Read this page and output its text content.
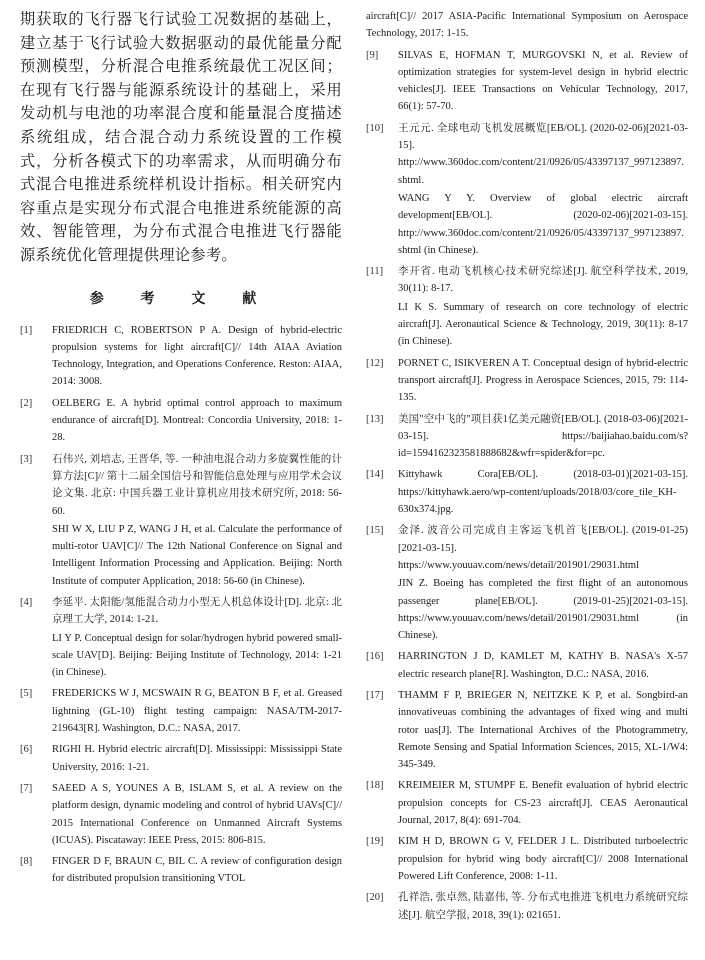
期获取的飞行器飞行试验工况数据的基础上，建立基于飞行试验大数据驱动的最优能量分配预测模型，分析混合电推系统最优工况区间；在现有飞行器与能源系统设计的基础上，采用发动机与电池的功率混合度和能量混合度描述系统组成，结合混合动力系统设置的工作模式，分析各模式下的功率需求，从而明确分布式混合电推进系统样机设计指标。相关研究内容重点是实现分布式混合电推进系统能源的高效、智能管理，为分布式混合电推进飞行器能源系统优化管理提供理论参考。

参 考 文 献
[1]	FRIEDRICH C, ROBERTSON P A. Design of hybrid-electric propulsion systems for light aircraft[C]// 14th AIAA Aviation Technology, Integration, and Operations Conference. Reston: AIAA, 2014: 3008.
[2]	OELBERG E. A hybrid optimal control approach to maximum endurance of aircraft[D]. Montreal: Concordia University, 2018: 1-28.
[3]	石伟兴, 刘培志, 王晋华, 等. 一种油电混合动力多旋翼性能的计算方法[C]// 第十二届全国信号和智能信息处理与应用学术会议论文集. 北京: 中国兵器工业计算机应用技术研究所, 2018: 56-60.
SHI W X, LIU P Z, WANG J H, et al. Calculate the performance of multi-rotor UAV[C]// The 12th National Conference on Signal and Intelligent Information Processing and Application. Beijing: North Institute of computer Application, 2018: 56-60 (in Chinese).
[4]	李延平. 太阳能/氢能混合动力小型无人机总体设计[D]. 北京: 北京理工大学, 2014: 1-21.
LI Y P. Conceptual design for solar/hydrogen hybrid powered small-scale UAV[D]. Beijing: Beijing Institute of Technology, 2014: 1-21 (in Chinese).
[5]	FREDERICKS W J, MCSWAIN R G, BEATON B F, et al. Greased lightning (GL-10) flight testing campaign: NASA/TM-2017-219643[R]. Washington, D.C.: NASA, 2017.
[6]	RIGHI H. Hybrid electric aircraft[D]. Mississippi: Mississippi State University, 2016: 1-21.
[7]	SAEED A S, YOUNES A B, ISLAM S, et al. A review on the platform design, dynamic modeling and control of hybrid UAVs[C]// 2015 International Conference on Unmanned Aircraft Systems (ICUAS). Piscataway: IEEE Press, 2015: 806-815.
[8]	FINGER D F, BRAUN C, BIL C. A review of configuration design for distributed propulsion transitioning VTOL
aircraft[C]// 2017 ASIA-Pacific International Symposium on Aerospace Technology, 2017: 1-15.
[9]	SILVAS E, HOFMAN T, MURGOVSKI N, et al. Review of optimization strategies for system-level design in hybrid electric vehicles[J]. IEEE Transactions on Vehicular Technology, 2017, 66(1): 57-70.
[10]	王元元. 全球电动飞机发展概览[EB/OL]. (2020-02-06)[2021-03-15]. http://www.360doc.com/content/21/0926/05/43397137_997123897.shtml.
WANG Y Y. Overview of global electric aircraft development[EB/OL]. (2020-02-06)[2021-03-15]. http://www.360doc.com/content/21/0926/05/43397137_997123897.shtml (in Chinese).
[11]	李开省. 电动飞机核心技术研究综述[J]. 航空科学技术, 2019, 30(11): 8-17.
LI K S. Summary of research on core technology of electric aircraft[J]. Aeronautical Science & Technology, 2019, 30(11): 8-17 (in Chinese).
[12]	PORNET C, ISIKVEREN A T. Conceptual design of hybrid-electric transport aircraft[J]. Progress in Aerospace Sciences, 2015, 79: 114-135.
[13]	美国"空中飞的"项目获1亿美元融资[EB/OL]. (2018-03-06)[2021-03-15]. https://baijiahao.baidu.com/s?id=1594162323581888682&wfr=spider&for=pc.
[14]	Kittyhawk Cora[EB/OL]. (2018-03-01)[2021-03-15]. https://kittyhawk.aero/wp-content/uploads/2018/03/core_tile_KH-630x374.jpg.
[15]	金泽. 波音公司完成自主客运飞机首飞[EB/OL]. (2019-01-25)[2021-03-15]. https://www.youuav.com/news/detail/201901/29031.html
JIN Z. Boeing has completed the first flight of an autonomous passenger plane[EB/OL]. (2019-01-25)[2021-03-15]. https://www.youuav.com/news/detail/201901/29031.html (in Chinese).
[16]	HARRINGTON J D, KAMLET M, KATHY B. NASA's X-57 electric research plane[R]. Washington, D.C.: NASA, 2016.
[17]	THAMM F P, BRIEGER N, NEITZKE K P, et al. Songbird-an innovativeuas combining the advantages of fixed wing and multi rotor uas[J]. The International Archives of the Photogrammetry, Remote Sensing and Spatial Information Sciences, 2015, XL-1/W4: 345-349.
[18]	KREIMEIER M, STUMPF E. Benefit evaluation of hybrid electric propulsion concepts for CS-23 aircraft[J]. CEAS Aeronautical Journal, 2017, 8(4): 691-704.
[19]	KIM H D, BROWN G V, FELDER J L. Distributed turboelectric propulsion for hybrid wing body aircraft[C]// 2008 International Powered Lift Conference, 2008: 1-11.
[20]	孔祥浩, 张卓然, 陆嘉伟, 等. 分布式电推进飞机电力系统研究综述[J]. 航空学报, 2018, 39(1): 021651.
